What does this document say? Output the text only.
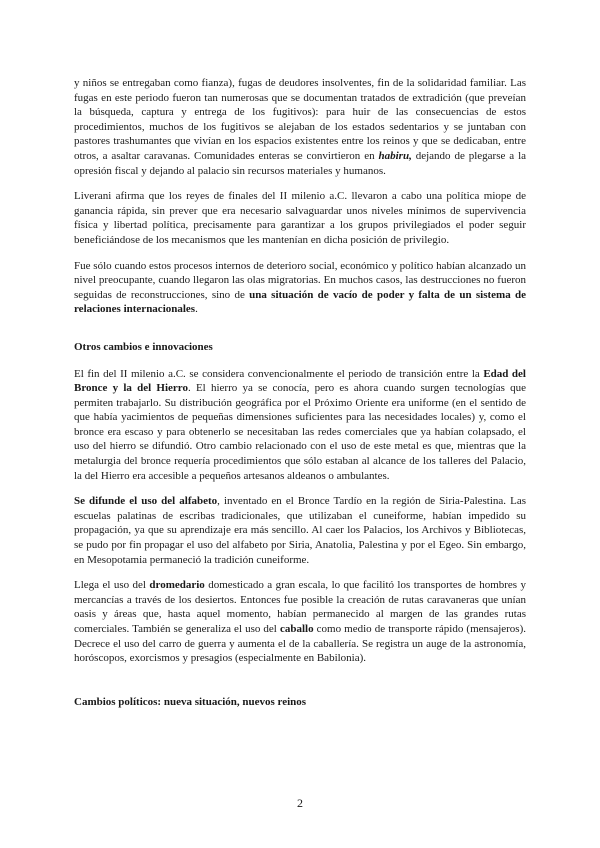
y niños se entregaban como fianza), fugas de deudores insolventes, fin de la solidaridad familiar. Las fugas en este periodo fueron tan numerosas que se documentan tratados de extradición (que preveían la búsqueda, captura y entrega de los fugitivos): para huir de las consecuencias de estos procedimientos, muchos de los fugitivos se alejaban de los estados sedentarios y se juntaban con pastores trashumantes que vivían en los espacios existentes entre los reinos y que se dedicaban, entre otros, a asaltar caravanas. Comunidades enteras se convirtieron en habiru, dejando de plegarse a la opresión fiscal y dejando al palacio sin recursos materiales y humanos.

Liverani afirma que los reyes de finales del II milenio a.C. llevaron a cabo una política miope de ganancia rápida, sin prever que era necesario salvaguardar unos niveles mínimos de supervivencia física y libertad política, precisamente para garantizar a los grupos privilegiados el poder seguir beneficiándose de los mecanismos que les mantenían en dicha posición de privilegio.

Fue sólo cuando estos procesos internos de deterioro social, económico y político habían alcanzado un nivel preocupante, cuando llegaron las olas migratorias. En muchos casos, las destrucciones no fueron seguidas de reconstrucciones, sino de una situación de vacío de poder y falta de un sistema de relaciones internacionales.

Otros cambios e innovaciones

El fin del II milenio a.C. se considera convencionalmente el periodo de transición entre la Edad del Bronce y la del Hierro. El hierro ya se conocía, pero es ahora cuando surgen tecnologías que permiten trabajarlo. Su distribución geográfica por el Próximo Oriente era uniforme (en el sentido de que había yacimientos de pequeñas dimensiones suficientes para las necesidades locales) y, como el bronce era escaso y para obtenerlo se necesitaban las redes comerciales que ya habían colapsado, el uso del hierro se difundió. Otro cambio relacionado con el uso de este metal es que, mientras que la metalurgia del bronce requería procedimientos que sólo estaban al alcance de los talleres del Palacio, la del Hierro era accesible a pequeños artesanos aldeanos o ambulantes.

Se difunde el uso del alfabeto, inventado en el Bronce Tardío en la región de Siria-Palestina. Las escuelas palatinas de escribas tradicionales, que utilizaban el cuneiforme, habían impedido su propagación, ya que su aprendizaje era más sencillo. Al caer los Palacios, los Archivos y Bibliotecas, se pudo por fin propagar el uso del alfabeto por Siria, Anatolia, Palestina y por el Egeo. Sin embargo, en Mesopotamia permaneció la tradición cuneiforme.

Llega el uso del dromedario domesticado a gran escala, lo que facilitó los transportes de hombres y mercancías a través de los desiertos. Entonces fue posible la creación de rutas caravaneras que unían oasis y áreas que, hasta aquel momento, habían permanecido al margen de las grandes rutas comerciales. También se generaliza el uso del caballo como medio de transporte rápido (mensajeros). Decrece el uso del carro de guerra y aumenta el de la caballería. Se registra un auge de la astronomía, horóscopos, exorcismos y presagios (especialmente en Babilonia).

Cambios políticos: nueva situación, nuevos reinos
2
